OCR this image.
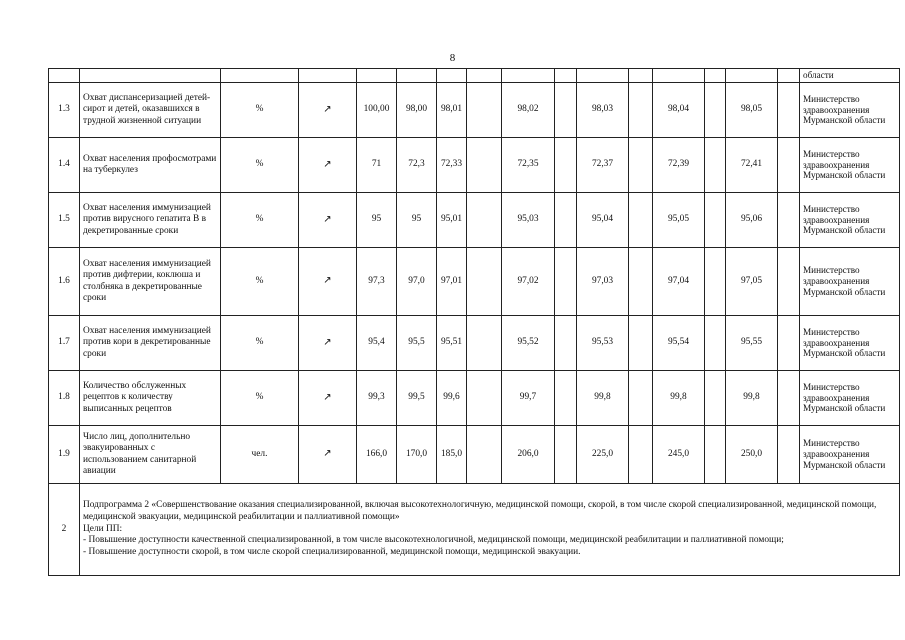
8
																области
1.3	Охват диспансеризацией детей-сирот и детей, оказавшихся в трудной жизненной ситуации	%	↗	100,00	98,00	98,01		98,02		98,03		98,04		98,05		Министерство здравоохранения Мурманской области
1.4	Охват населения профосмотрами на туберкулез	%	↗	71	72,3	72,33		72,35		72,37		72,39		72,41		Министерство здравоохранения Мурманской области
1.5	Охват населения иммунизацией против вирусного гепатита В в декретированные сроки	%	↗	95	95	95,01		95,03		95,04		95,05		95,06		Министерство здравоохранения Мурманской области
1.6	Охват населения иммунизацией против дифтерии, коклюша и столбняка в декретированные сроки	%	↗	97,3	97,0	97,01		97,02		97,03		97,04		97,05		Министерство здравоохранения Мурманской области
1.7	Охват населения иммунизацией против кори в декретированные сроки	%	↗	95,4	95,5	95,51		95,52		95,53		95,54		95,55		Министерство здравоохранения Мурманской области
1.8	Количество обслуженных рецептов к количеству выписанных рецептов	%	↗	99,3	99,5	99,6		99,7		99,8		99,8		99,8		Министерство здравоохранения Мурманской области
1.9	Число лиц, дополнительно эвакуированных с использованием санитарной авиации	чел.	↗	166,0	170,0	185,0		206,0		225,0		245,0		250,0		Министерство здравоохранения Мурманской области
2	Подпрограмма 2 «Совершенствование оказания специализированной, включая высокотехнологичную, медицинской помощи, скорой, в том числе скорой специализированной, медицинской помощи, медицинской эвакуации, медицинской реабилитации и паллиативной помощи»
Цели ПП:
- Повышение доступности качественной специализированной, в том числе высокотехнологичной, медицинской помощи, медицинской реабилитации и паллиативной помощи;
- Повышение доступности скорой, в том числе скорой специализированной, медицинской помощи, медицинской эвакуации.															
